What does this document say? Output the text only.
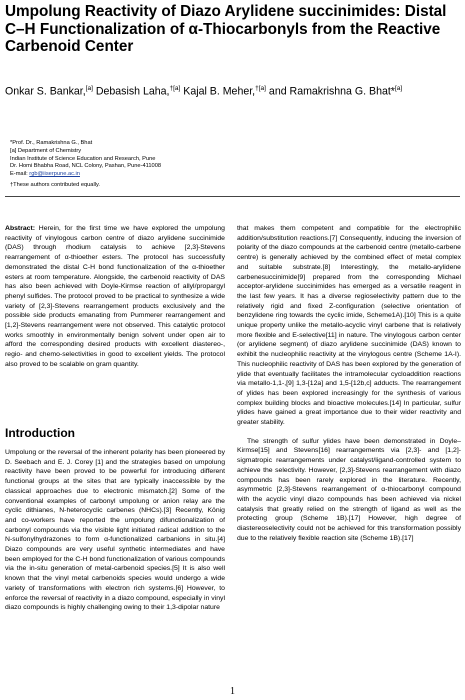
Umpolung Reactivity of Diazo Arylidene succinimides: Distal C–H Functionalization of α-Thiocarbonyls from the Reactive Carbenoid Center
Onkar S. Bankar,[a] Debasish Laha,$^{\dagger[a]}$ Kajal B. Meher,$^{\dagger[a]}$ and Ramakrishna G. Bhat*[a]
*Prof. Dr., Ramakrishna G., Bhat
[a] Department of Chemistry
Indian Institute of Science Education and Research, Pune
Dr. Homi Bhabha Road, NCL Colony, Pashan, Pune-411008
E-mail: rgb@iiserpune.ac.in
†These authors contributed equally.

Abstract: Herein, for the first time we have explored the umpolung reactivity of vinylogous carbon centre of diazo arylidene succinimide (DAS) through rhodium catalysis to achieve [2,3]-Stevens rearrangement of α-thioether esters. The protocol has successfully demonstrated the distal C-H bond functionalization of the α-thioether esters at room temperature. Alongside, the carbenoid reactivity of DAS has also been achieved with Doyle-Kirmse reaction of allyl/propargyl phenyl sulfides. The protocol proved to be practical to synthesize a wide variety of [2,3]-Stevens rearrangement products exclusively and the possible side products emanating from Pummerer rearrangement and [1,2]-Stevens rearrangement were not observed. This catalytic protocol works smoothly in environmentally benign solvent under open air to afford the corresponding desired products with excellent diastereo-, regio- and chemo-selectivities in good to excellent yields. The protocol also proved to be scalable on gram quantity.

Introduction

Umpolung or the reversal of the inherent polarity has been pioneered by D. Seebach and E. J. Corey [1] and the strategies based on umpolung reactivity have been proved to be powerful for introducing different functional groups at the sites that are typically inaccessible by the classical approaches due to electronic mismatch.[2] Some of the conventional examples of carbonyl umpolung or anion relay are the cyclic dithianes, N-heterocyclic carbenes (NHCs).[3] Recently, König and co-workers have reported the umpolung difunctionalization of carbonyl compounds via the visible light initiated radical addition to the N-sulfonylhydrazones to form α-functionalized carbanions in situ.[4] Diazo compounds are very useful synthetic intermediates and have been employed for the C-H bond functionalization of various compounds via the in-situ generation of metal-carbenoid species.[5] It is also well known that the vinyl metal carbenoids species would undergo a wide variety of transformations with electron rich systems.[6] However, to enforce the reversal of reactivity in a diazo compound, especially in vinyl diazo compounds is highly challenging owing to their 1,3-dipolar nature

that makes them competent and compatible for the electrophilic addition/substitution reactions.[7] Consequently, inducing the inversion of polarity of the diazo compounds at the carbenoid centre (metallo-carbene centre) is generally achieved by the combined effect of metal complex and suitable substrate.[8] Interestingly, the metallo-arylidene carbenesuccinimide[9] prepared from the corresponding Michael acceptor-arylidene succinimides has emerged as a versatile reagent in the last few years. It has a diverse regioselectivity pattern due to the relatively rigid and fixed Z-configuration (selective orientation of benzylidene ring towards the cyclic imide, Scheme1A).[10] This is a quite unique property unlike the metallo-acyclic vinyl carbene that is relatively more flexible and E-selective[11] in nature. The vinylogous carbon center (or arylidene segment) of diazo arylidene succinimide (DAS) known to exhibit the nucleophilic reactivity at the vinylogous centre (Scheme 1A-I). This nucleophilic reactivity of DAS has been explored by the generation of ylide that eventually facilitates the intramolecular cycloaddition reactions via metallo-1,1-,[9] 1,3-[12a] and 1,5-[12b,c] adducts. The rearrangement of ylides has been explored increasingly for the synthesis of various complex building blocks and bioactive molecules.[14] In particular, sulfur ylides have gained a great importance due to their wider reactivity and greater stability.

The strength of sulfur ylides have been demonstrated in Doyle–Kirmse[15] and Stevens[16] rearrangements via [2,3]- and [1,2]-sigmatropic rearrangements under catalyst/ligand-controlled system to achieve the selectivity. However, [2,3]-Stevens rearrangement with diazo compounds has been rarely explored in the literature. Recently, asymmetric [2,3]-Stevens rearrangement of α-thiocarbonyl compound with the acyclic vinyl diazo compounds has been achieved via nickel catalysis that greatly relied on the strength of ligand as well as the protecting group (Scheme 1B).[17] However, high degree of diastereoselectivity could not be achieved for this transformation possibly due to the relatively flexible reaction site (Scheme 1B).[17]

1
